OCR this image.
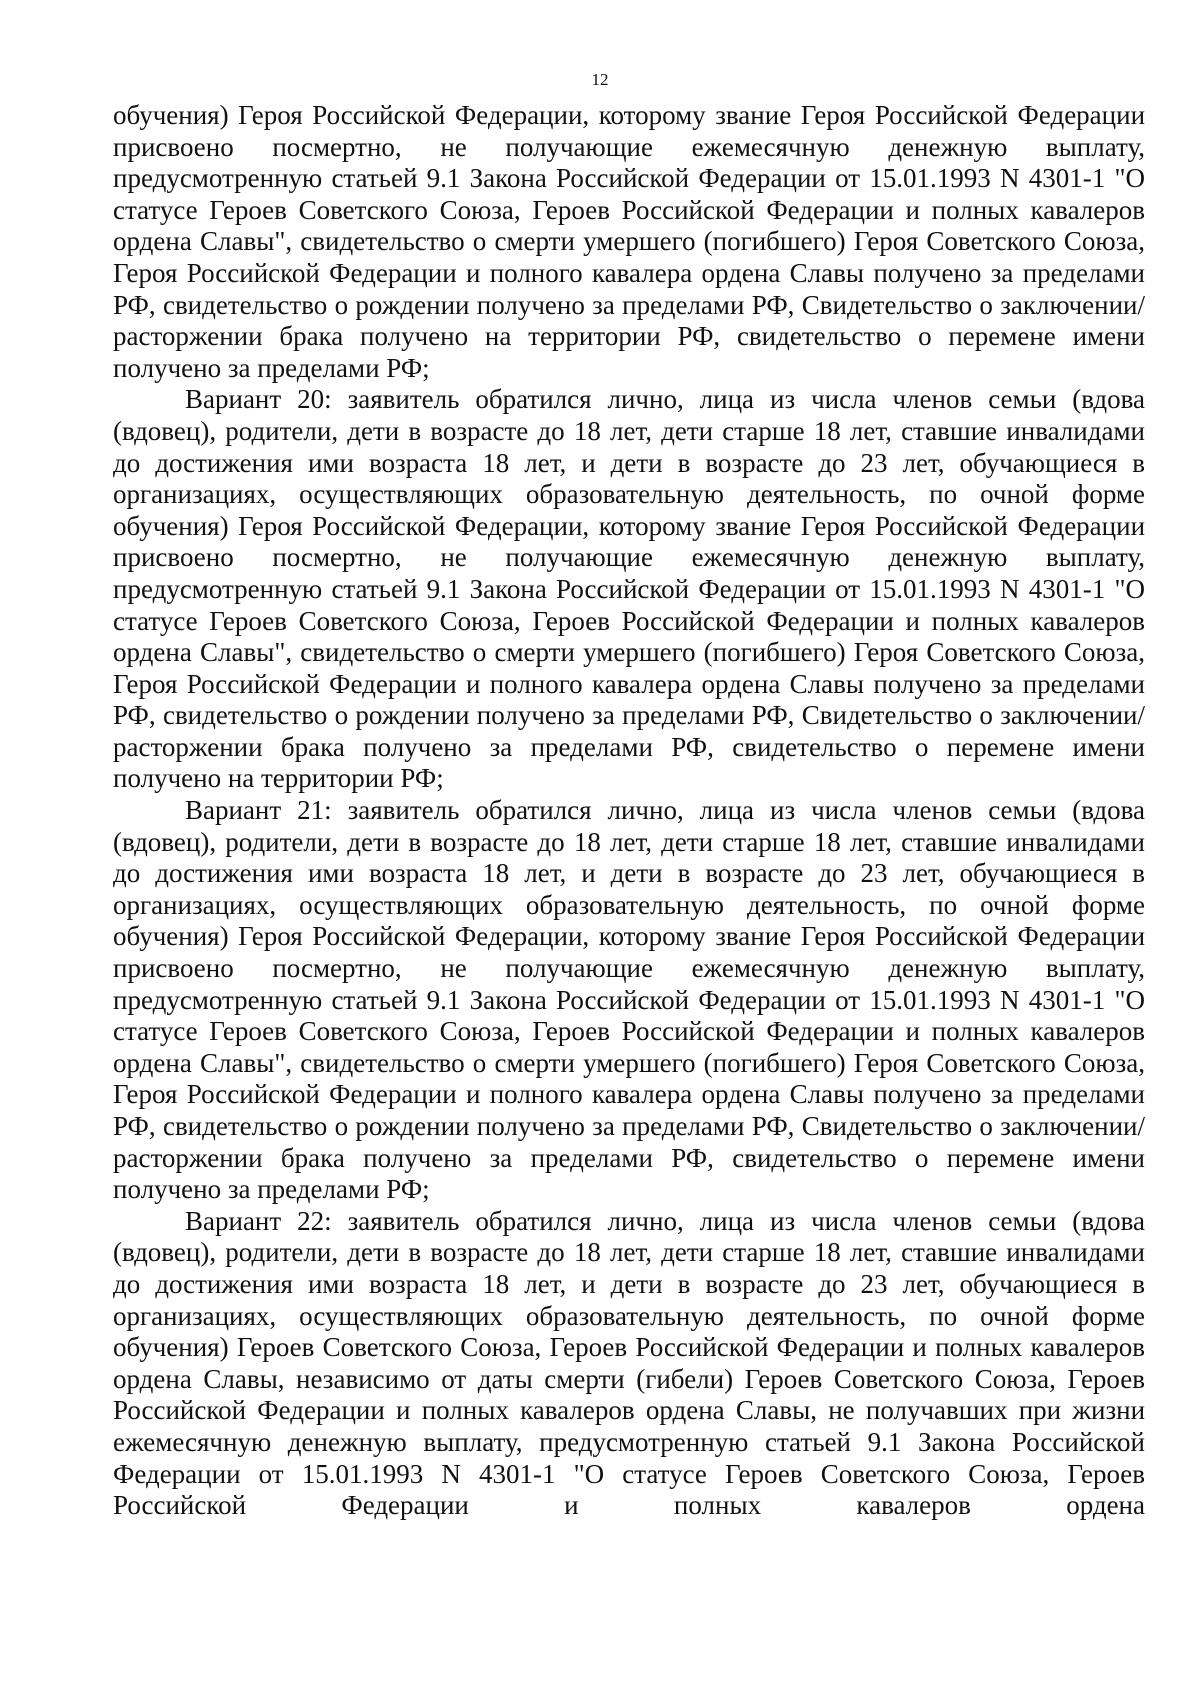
12

обучения) Героя Российской Федерации, которому звание Героя Российской Федерации присвоено посмертно, не получающие ежемесячную денежную выплату, предусмотренную статьей 9.1 Закона Российской Федерации от 15.01.1993 N 4301-1 "О статусе Героев Советского Союза, Героев Российской Федерации и полных кавалеров ордена Славы", свидетельство о смерти умершего (погибшего) Героя Советского Союза, Героя Российской Федерации и полного кавалера ордена Славы получено за пределами РФ, свидетельство о рождении получено за пределами РФ, Свидетельство о заключении/расторжении брака получено на территории РФ, свидетельство о перемене имени получено за пределами РФ;

Вариант 20: заявитель обратился лично, лица из числа членов семьи (вдова (вдовец), родители, дети в возрасте до 18 лет, дети старше 18 лет, ставшие инвалидами до достижения ими возраста 18 лет, и дети в возрасте до 23 лет, обучающиеся в организациях, осуществляющих образовательную деятельность, по очной форме обучения) Героя Российской Федерации, которому звание Героя Российской Федерации присвоено посмертно, не получающие ежемесячную денежную выплату, предусмотренную статьей 9.1 Закона Российской Федерации от 15.01.1993 N 4301-1 "О статусе Героев Советского Союза, Героев Российской Федерации и полных кавалеров ордена Славы", свидетельство о смерти умершего (погибшего) Героя Советского Союза, Героя Российской Федерации и полного кавалера ордена Славы получено за пределами РФ, свидетельство о рождении получено за пределами РФ, Свидетельство о заключении/расторжении брака получено за пределами РФ, свидетельство о перемене имени получено на территории РФ;

Вариант 21: заявитель обратился лично, лица из числа членов семьи (вдова (вдовец), родители, дети в возрасте до 18 лет, дети старше 18 лет, ставшие инвалидами до достижения ими возраста 18 лет, и дети в возрасте до 23 лет, обучающиеся в организациях, осуществляющих образовательную деятельность, по очной форме обучения) Героя Российской Федерации, которому звание Героя Российской Федерации присвоено посмертно, не получающие ежемесячную денежную выплату, предусмотренную статьей 9.1 Закона Российской Федерации от 15.01.1993 N 4301-1 "О статусе Героев Советского Союза, Героев Российской Федерации и полных кавалеров ордена Славы", свидетельство о смерти умершего (погибшего) Героя Советского Союза, Героя Российской Федерации и полного кавалера ордена Славы получено за пределами РФ, свидетельство о рождении получено за пределами РФ, Свидетельство о заключении/расторжении брака получено за пределами РФ, свидетельство о перемене имени получено за пределами РФ;

Вариант 22: заявитель обратился лично, лица из числа членов семьи (вдова (вдовец), родители, дети в возрасте до 18 лет, дети старше 18 лет, ставшие инвалидами до достижения ими возраста 18 лет, и дети в возрасте до 23 лет, обучающиеся в организациях, осуществляющих образовательную деятельность, по очной форме обучения) Героев Советского Союза, Героев Российской Федерации и полных кавалеров ордена Славы, независимо от даты смерти (гибели) Героев Советского Союза, Героев Российской Федерации и полных кавалеров ордена Славы, не получавших при жизни ежемесячную денежную выплату, предусмотренную статьей 9.1 Закона Российской Федерации от 15.01.1993 N 4301-1 "О статусе Героев Советского Союза, Героев Российской Федерации и полных кавалеров ордена
